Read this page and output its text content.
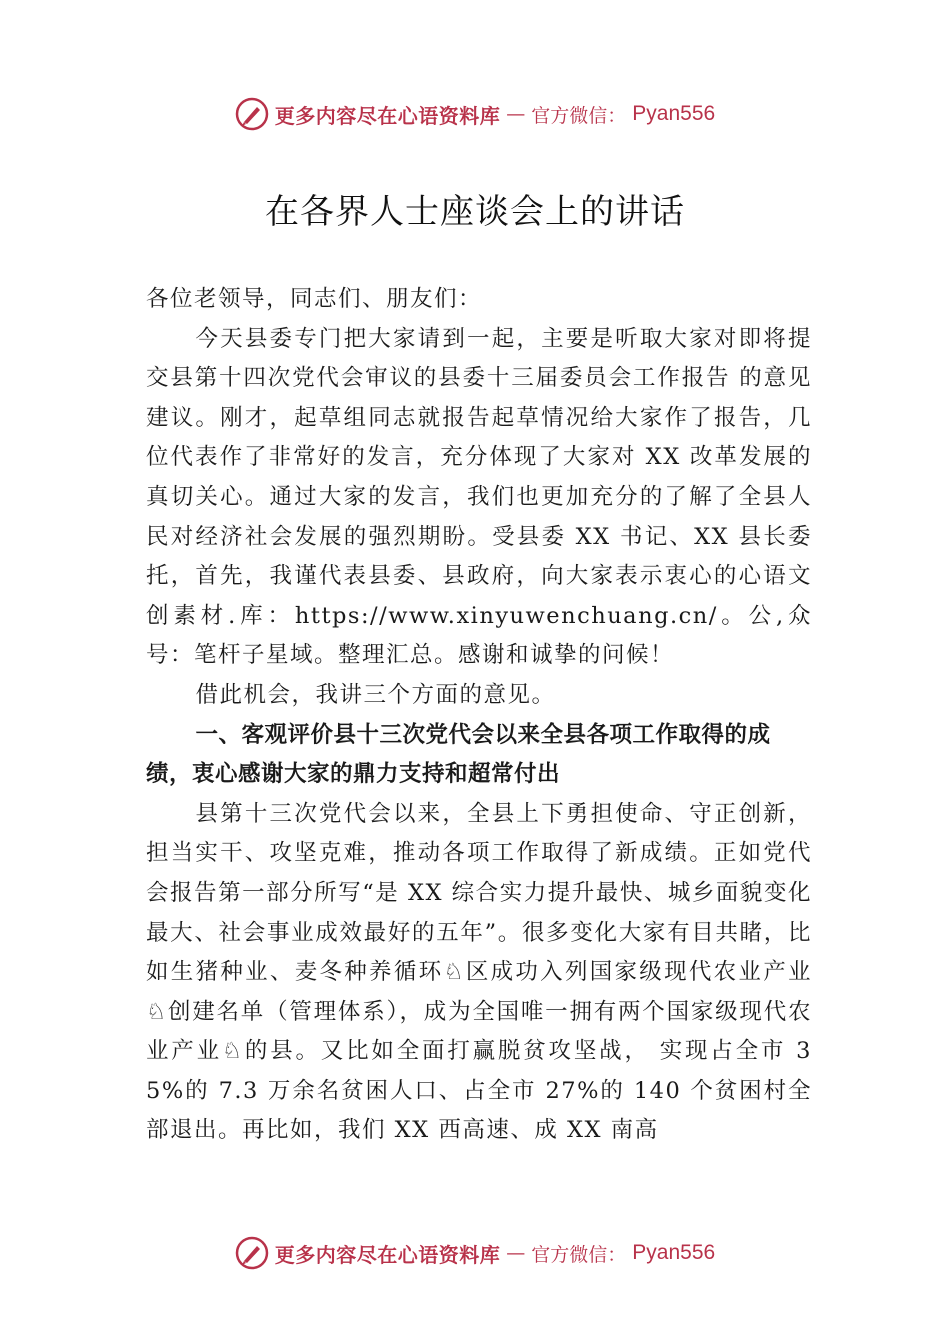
更多内容尽在心语资料库 — 官方微信： Pyan556
在各界人士座谈会上的讲话

各位老领导，同志们、朋友们：

今天县委专门把大家请到一起，主要是听取大家对即将提交县第十四次党代会审议的县委十三届委员会工作报告 的意见建议。刚才，起草组同志就报告起草情况给大家作了报告，几位代表作了非常好的发言，充分体现了大家对 XX 改革发展的真切关心。通过大家的发言，我们也更加充分的了解了全县人民对经济社会发展的强烈期盼。受县委 XX 书记、XX 县长委托，首先，我谨代表县委、县政府，向大家表示衷心的心语文创素材.库：https://www.xinyuwenchuang.cn/。公,众号：笔杆子星域。整理汇总。感谢和诚挚的问候！

借此机会，我讲三个方面的意见。

一、客观评价县十三次党代会以来全县各项工作取得的成绩，衷心感谢大家的鼎力支持和超常付出

县第十三次党代会以来，全县上下勇担使命、守正创新，担当实干、攻坚克难，推动各项工作取得了新成绩。正如党代会报告第一部分所写“是 XX 综合实力提升最快、城乡面貌变化最大、社会事业成效最好的五年”。很多变化大家有目共睹，比如生猪种业、麦冬种养循环♘区成功入列国家级现代农业产业♘创建名单（管理体系），成为全国唯一拥有两个国家级现代农业产业♘的县。又比如全面打赢脱贫攻坚战， 实现占全市 35%的 7.3 万余名贫困人口、占全市 27%的 140 个贫困村全部退出。再比如，我们 XX 西高速、成 XX 南高

更多内容尽在心语资料库 — 官方微信： Pyan556
